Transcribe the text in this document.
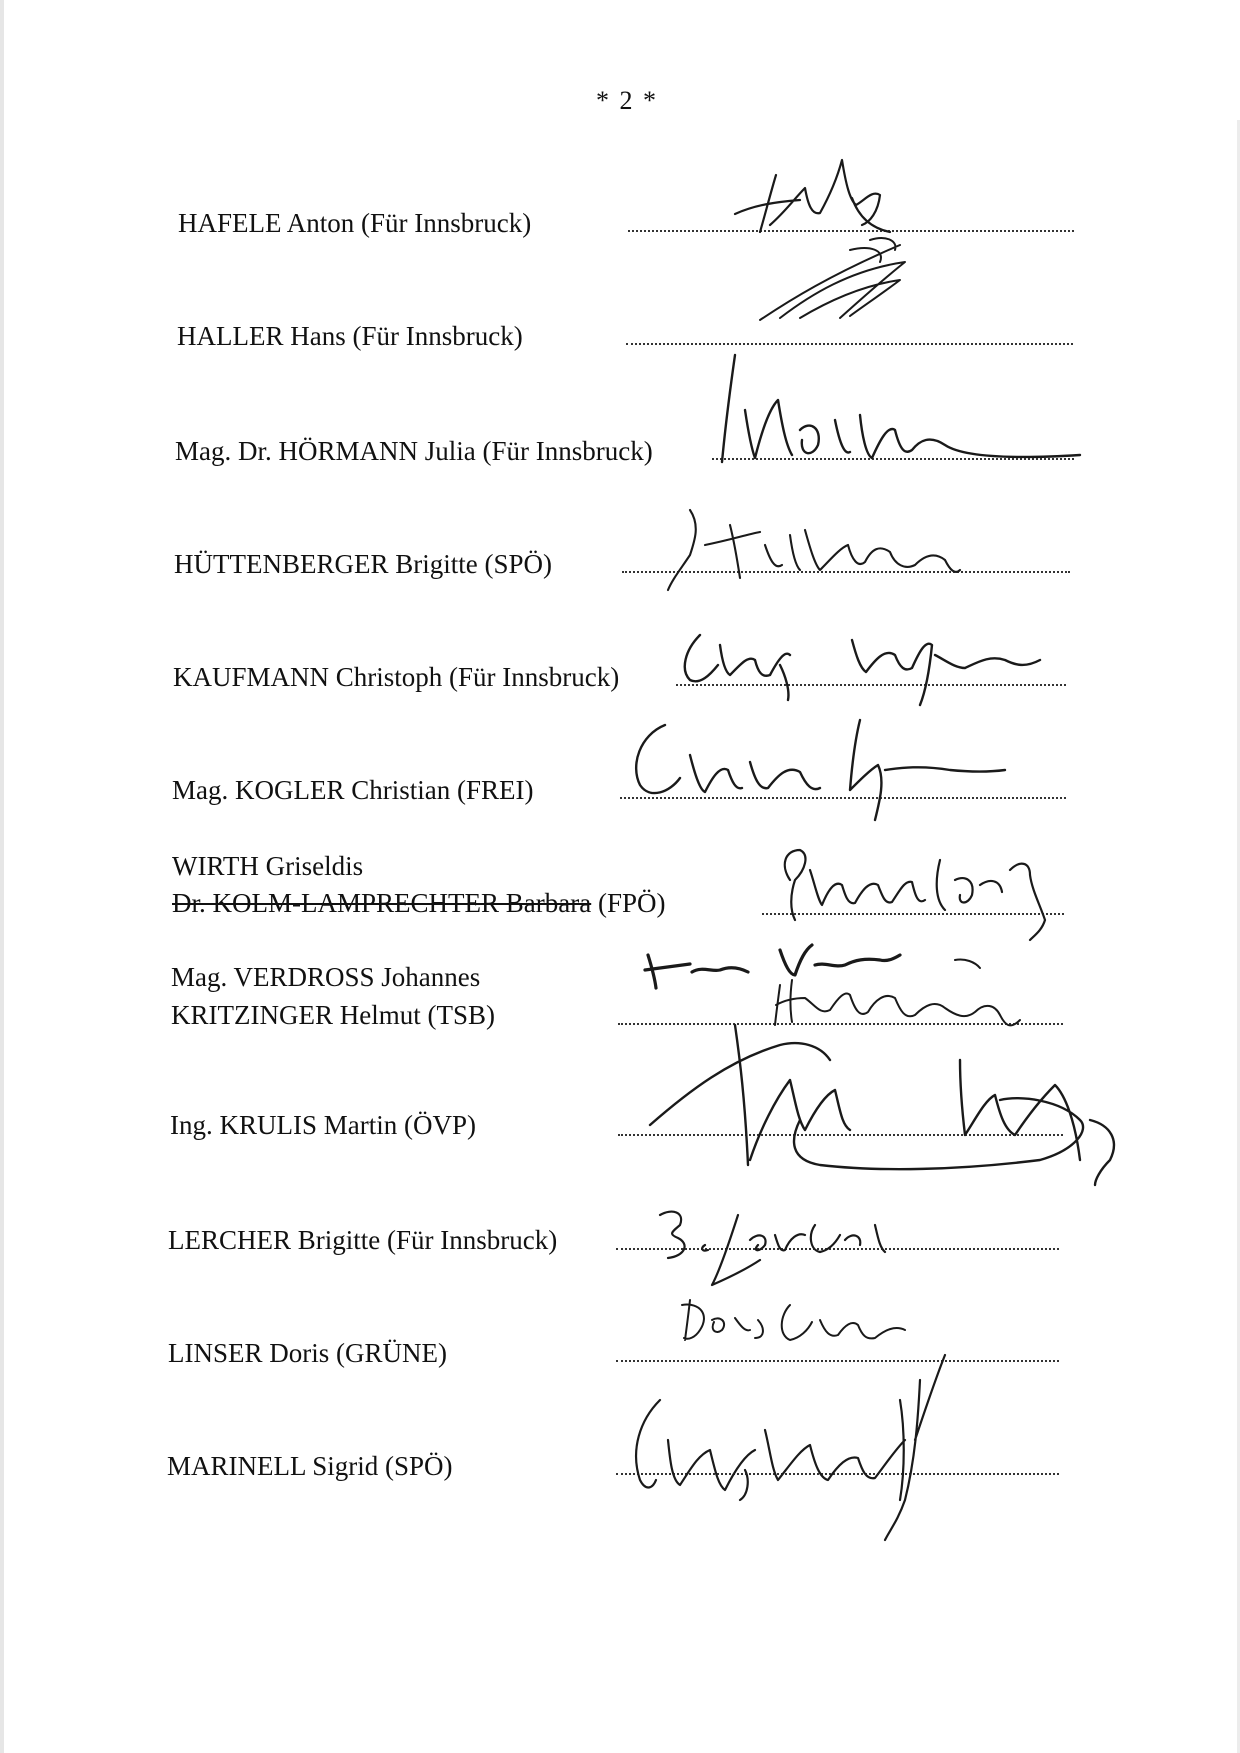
* 2 *
HAFELE Anton (Für Innsbruck)
HALLER Hans (Für Innsbruck)
Mag. Dr. HÖRMANN Julia (Für Innsbruck)
HÜTTENBERGER Brigitte (SPÖ)
KAUFMANN Christoph (Für Innsbruck)
Mag. KOGLER Christian (FREI)
WIRTH Griseldis
Dr. KOLM-LAMPRECHTER Barbara (FPÖ)
Mag. VERDROSS Johannes
KRITZINGER Helmut (TSB)
Ing. KRULIS Martin (ÖVP)
LERCHER Brigitte (Für Innsbruck)
LINSER Doris (GRÜNE)
MARINELL Sigrid (SPÖ)
